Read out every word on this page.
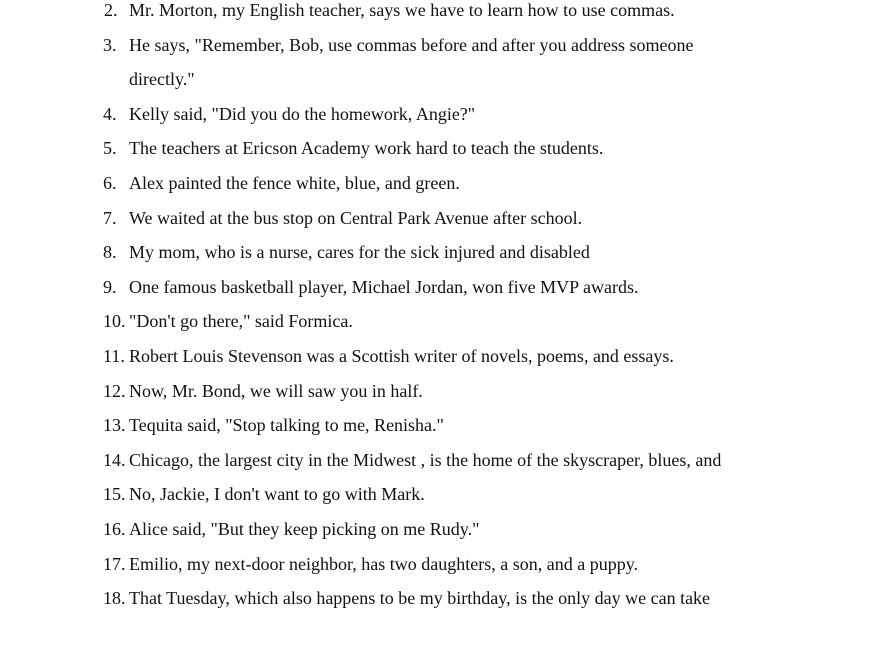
2. Mr. Morton, my English teacher, says we have to learn how to use commas.
3. He says, "Remember, Bob, use commas before and after you address someone
directly."
4. Kelly said, "Did you do the homework, Angie?"
5. The teachers at Ericson Academy work hard to teach the students.
6. Alex painted the fence white, blue, and green.
7. We waited at the bus stop on Central Park Avenue after school.
8. My mom, who is a nurse, cares for the sick injured and disabled
9. One famous basketball player, Michael Jordan, won five MVP awards.
10. "Don't go there," said Formica.
11. Robert Louis Stevenson was a Scottish writer of novels, poems, and essays.
12. Now, Mr. Bond, we will saw you in half.
13. Tequita said, "Stop talking to me, Renisha."
14. Chicago, the largest city in the Midwest , is the home of the skyscraper, blues, and
15. No, Jackie, I don't want to go with Mark.
16. Alice said, "But they keep picking on me Rudy."
17. Emilio, my next-door neighbor, has two daughters, a son, and a puppy.
18. That Tuesday, which also happens to be my birthday, is the only day we can take
